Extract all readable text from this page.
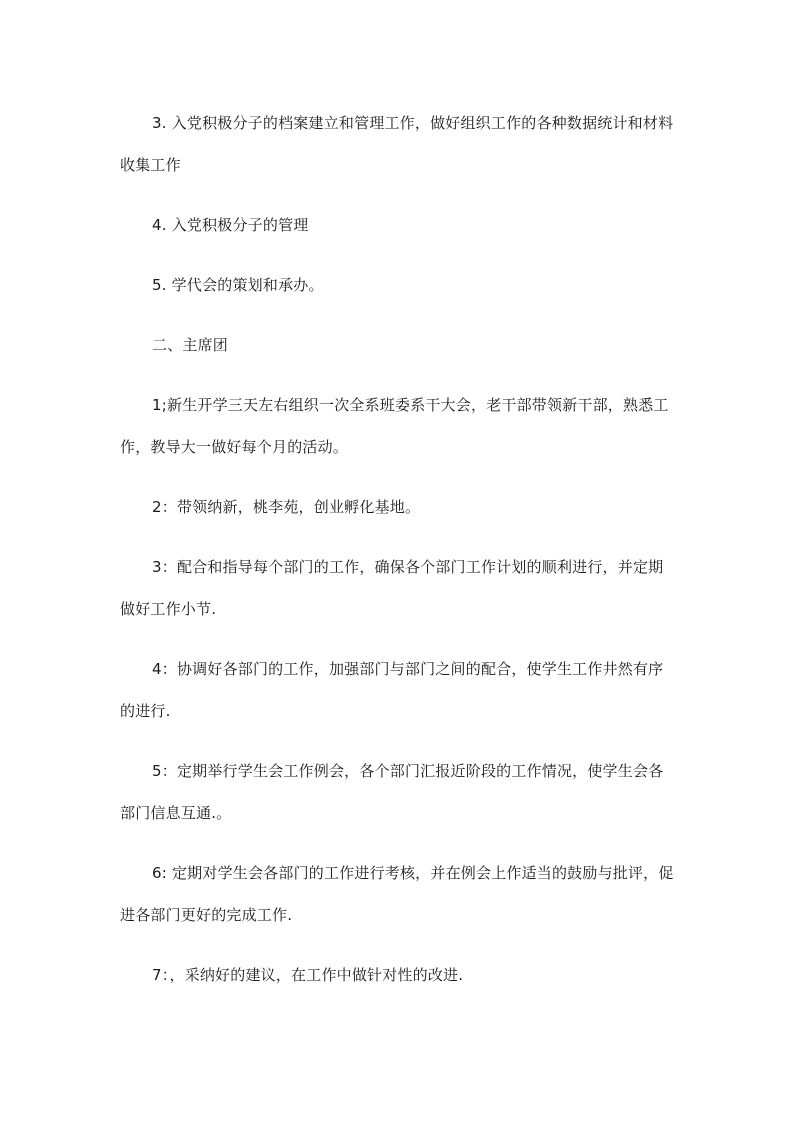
3. 入党积极分子的档案建立和管理工作，做好组织工作的各种数据统计和材料收集工作

4. 入党积极分子的管理

5. 学代会的策划和承办。

二、主席团

1;新生开学三天左右组织一次全系班委系干大会，老干部带领新干部，熟悉工作，教导大一做好每个月的活动。

2：带领纳新，桃李苑，创业孵化基地。

3：配合和指导每个部门的工作，确保各个部门工作计划的顺利进行，并定期做好工作小节.

4：协调好各部门的工作，加强部门与部门之间的配合，使学生工作井然有序的进行.

5：定期举行学生会工作例会，各个部门汇报近阶段的工作情况，使学生会各部门信息互通.。

6: 定期对学生会各部门的工作进行考核，并在例会上作适当的鼓励与批评，促进各部门更好的完成工作.

7：，采纳好的建议，在工作中做针对性的改进.
